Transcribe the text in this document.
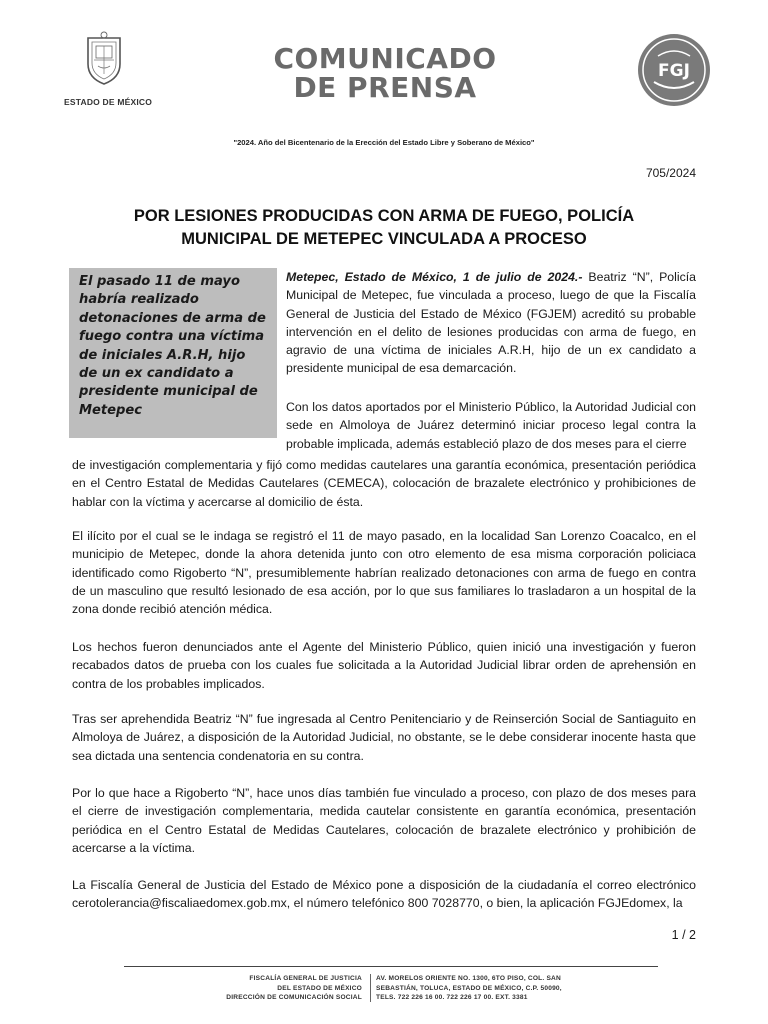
ESTADO DE MÉXICO
COMUNICADO
DE PRENSA	FGJ
"2024. Año del Bicentenario de la Erección del Estado Libre y Soberano de México"
705/2024
POR LESIONES PRODUCIDAS CON ARMA DE FUEGO, POLICÍA
MUNICIPAL DE METEPEC VINCULADA A PROCESO
El pasado 11 de mayo habría realizado detonaciones de arma de fuego contra una víctima de iniciales A.R.H, hijo de un ex candidato a presidente municipal de Metepec
Metepec, Estado de México, 1 de julio de 2024.- Beatriz “N”, Policía Municipal de Metepec, fue vinculada a proceso, luego de que la Fiscalía General de Justicia del Estado de México (FGJEM) acreditó su probable intervención en el delito de lesiones producidas con arma de fuego, en agravio de una víctima de iniciales A.R.H, hijo de un ex candidato a presidente municipal de esa demarcación.
Con los datos aportados por el Ministerio Público, la Autoridad Judicial con sede en Almoloya de Juárez determinó iniciar proceso legal contra la probable implicada, además estableció plazo de dos meses para el cierre
de investigación complementaria y fijó como medidas cautelares una garantía económica, presentación periódica en el Centro Estatal de Medidas Cautelares (CEMECA), colocación de brazalete electrónico y prohibiciones de hablar con la víctima y acercarse al domicilio de ésta.
El ilícito por el cual se le indaga se registró el 11 de mayo pasado, en la localidad San Lorenzo Coacalco, en el municipio de Metepec, donde la ahora detenida junto con otro elemento de esa misma corporación policiaca identificado como Rigoberto “N”, presumiblemente habrían realizado detonaciones con arma de fuego en contra de un masculino que resultó lesionado de esa acción, por lo que sus familiares lo trasladaron a un hospital de la zona donde recibió atención médica.
Los hechos fueron denunciados ante el Agente del Ministerio Público, quien inició una investigación y fueron recabados datos de prueba con los cuales fue solicitada a la Autoridad Judicial librar orden de aprehensión en contra de los probables implicados.
Tras ser aprehendida Beatriz “N” fue ingresada al Centro Penitenciario y de Reinserción Social de Santiaguito en Almoloya de Juárez, a disposición de la Autoridad Judicial, no obstante, se le debe considerar inocente hasta que sea dictada una sentencia condenatoria en su contra.
Por lo que hace a Rigoberto “N”, hace unos días también fue vinculado a proceso, con plazo de dos meses para el cierre de investigación complementaria, medida cautelar consistente en garantía económica, presentación periódica en el Centro Estatal de Medidas Cautelares, colocación de brazalete electrónico y prohibición de acercarse a la víctima.
La Fiscalía General de Justicia del Estado de México pone a disposición de la ciudadanía el correo electrónico cerotolerancia@fiscaliaedomex.gob.mx, el número telefónico 800 7028770, o bien, la aplicación FGJEdomex, la
1 / 2
FISCALÍA GENERAL DE JUSTICIA
DEL ESTADO DE MÉXICO
DIRECCIÓN DE COMUNICACIÓN SOCIAL
AV. MORELOS ORIENTE NO. 1300, 6TO PISO, COL. SAN
SEBASTIÁN, TOLUCA, ESTADO DE MÉXICO, C.P. 50090,
TELS. 722 226 16 00. 722 226 17 00. EXT. 3381
